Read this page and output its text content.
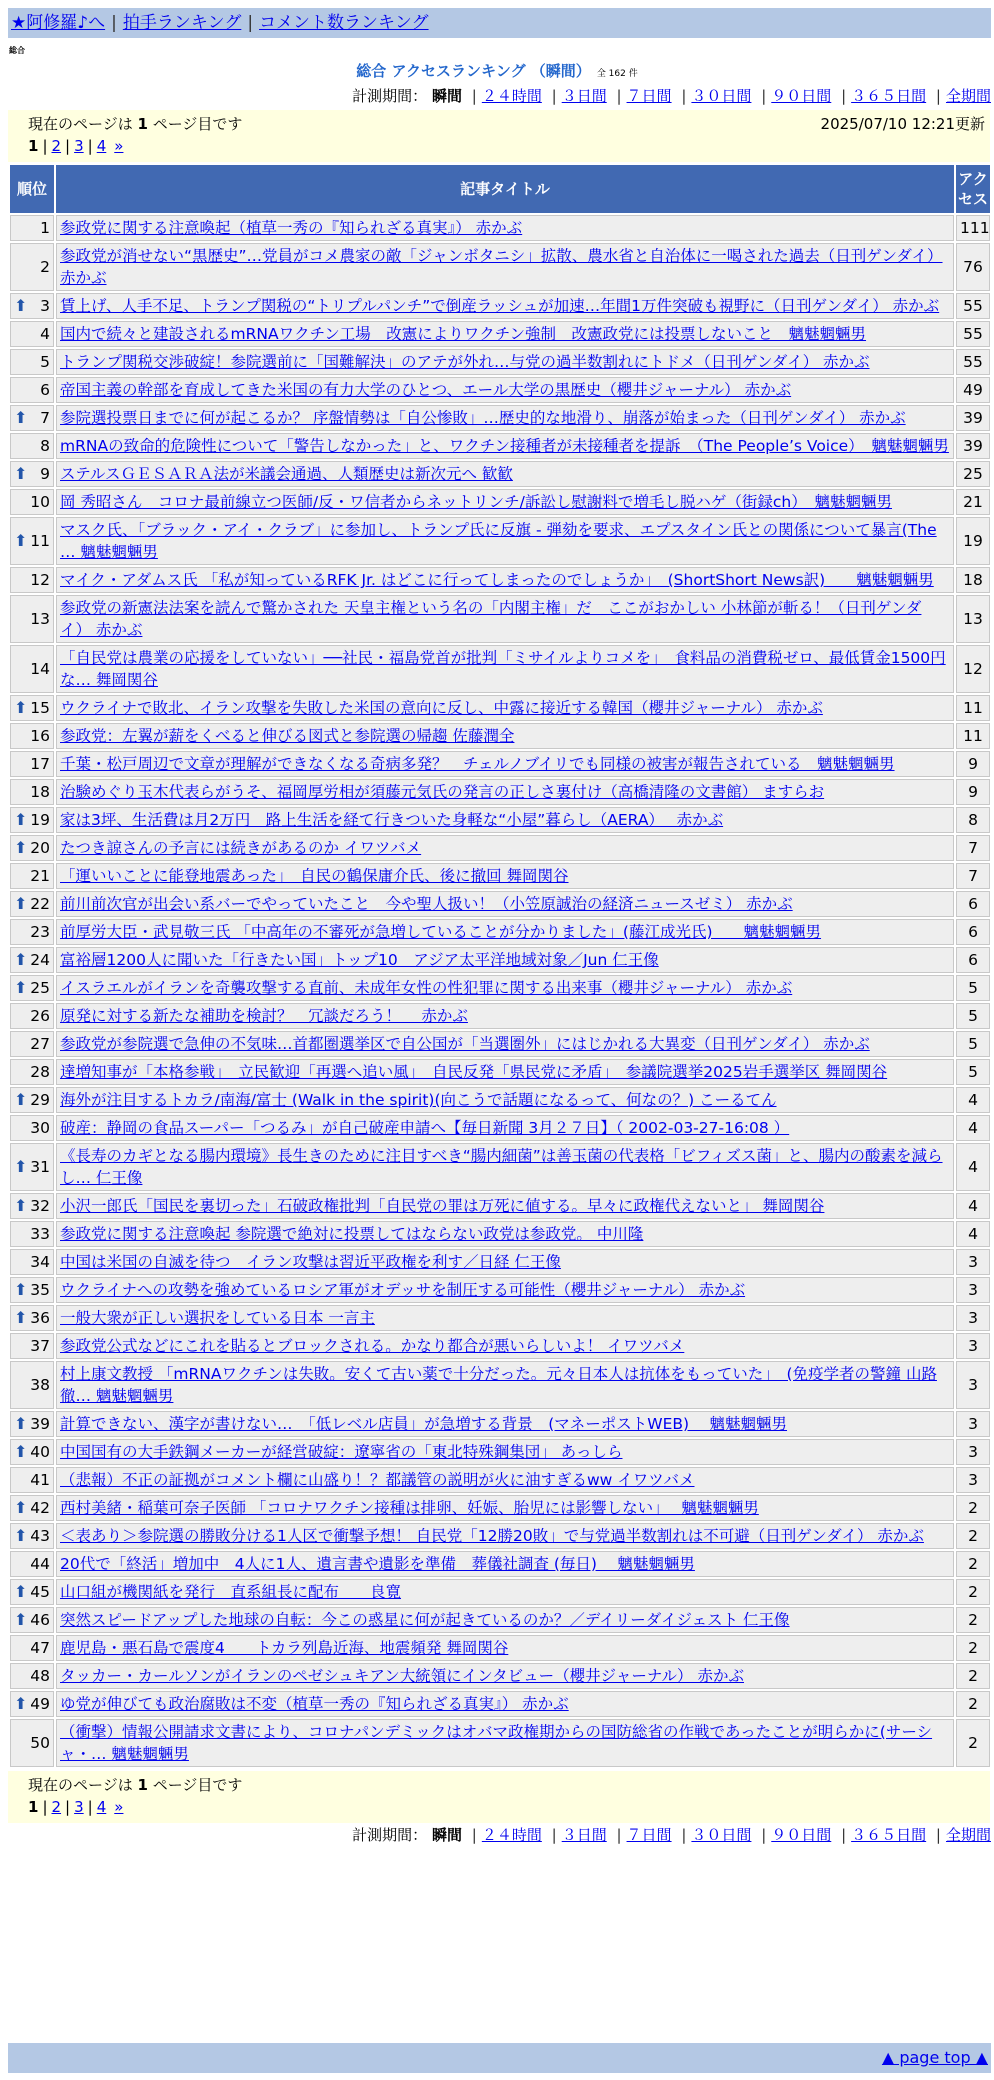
★阿修羅♪へ | 拍手ランキング | コメント数ランキング
総合
総合 アクセスランキング （瞬間） 全 162 件
計測期間： 瞬間 | ２４時間 | ３日間 | ７日間 | ３０日間 | ９０日間 | ３６５日間 | 全期間
現在のページは 1 ページ目です	2025/07/10 12:21更新
1 | 2 | 3 | 4 »
順位	記事タイトル	アクセス
1	参政党に関する注意喚起（植草一秀の『知られざる真実』） 赤かぶ	111
2	参政党が消せない“黒歴史”…党員がコメ農家の敵「ジャンボタニシ」拡散、農水省と自治体に一喝された過去（日刊ゲンダイ） 赤かぶ	76

⬆ 3	賃上げ、人手不足、トランプ関税の“トリプルパンチ”で倒産ラッシュが加速…年間1万件突破も視野に（日刊ゲンダイ） 赤かぶ	55
4	国内で続々と建設されるmRNAワクチン工場　改憲によりワクチン強制　改憲政党には投票しないこと　魑魅魍魎男	55
5	トランプ関税交渉破綻！参院選前に「国難解決」のアテが外れ…与党の過半数割れにトドメ（日刊ゲンダイ） 赤かぶ	55
6	帝国主義の幹部を育成してきた米国の有力大学のひとつ、エール大学の黒歴史（櫻井ジャーナル） 赤かぶ	49

⬆ 7	参院選投票日までに何が起こるか？ 序盤情勢は「自公惨敗」…歴史的な地滑り、崩落が始まった（日刊ゲンダイ） 赤かぶ	39
8	mRNAの致命的危険性について「警告しなかった」と、ワクチン接種者が未接種者を提訴　（The People’s Voice）　魑魅魍魎男	39

⬆ 9	ステルスＧＥＳＡＲＡ法が米議会通過、人類歴史は新次元へ 歓歓	25
10	岡 秀昭さん　コロナ最前線立つ医師/反・ワ信者からネットリンチ/訴訟し慰謝料で増毛し脱ハゲ（街録ch）　魑魅魍魎男	21

⬆ 11	マスク氏、「ブラック・アイ・クラブ」に参加し、トランプ氏に反旗 - 弾劾を要求、エプスタイン氏との関係について暴言(The … 魑魅魍魎男	19
12	マイク・アダムス氏 「私が知っているRFK Jr. はどこに行ってしまったのでしょうか」　(ShortShort News訳)　　魑魅魍魎男	18
13	参政党の新憲法法案を読んで驚かされた 天皇主権という名の「内閣主権」だ　ここがおかしい 小林節が斬る！（日刊ゲンダイ） 赤かぶ	13
14	「自民党は農業の応援をしていない」──社民・福島党首が批判「ミサイルよりコメを」　食料品の消費税ゼロ、最低賃金1500円な… 舞岡関谷	12

⬆ 15	ウクライナで敗北、イラン攻撃を失敗した米国の意向に反し、中露に接近する韓国（櫻井ジャーナル） 赤かぶ	11
16	参政党：左翼が薪をくべると伸びる図式と参院選の帰趨 佐藤潤全	11
17	千葉・松戸周辺で文章が理解ができなくなる奇病多発？　チェルノブイリでも同様の被害が報告されている　魑魅魍魎男	9
18	治験めぐり玉木代表らがうそ、福岡厚労相が須藤元気氏の発言の正しさ裏付け（高橋清隆の文書館） ますらお	9

⬆ 19	家は3坪、生活費は月2万円　路上生活を経て行きついた身軽な“小屋”暮らし（AERA）　 赤かぶ	8

⬆ 20	たつき諒さんの予言には続きがあるのか イワツバメ	7
21	「運いいことに能登地震あった」　自民の鶴保庸介氏、後に撤回 舞岡関谷	7

⬆ 22	前川前次官が出会い系バーでやっていたこと　今や聖人扱い！（小笠原誠治の経済ニュースゼミ） 赤かぶ	6
23	前厚労大臣・武見敬三氏 「中高年の不審死が急増していることが分かりました」(藤江成光氏)　　魑魅魍魎男	6

⬆ 24	富裕層1200人に聞いた「行きたい国」トップ10　アジア太平洋地域対象／Jun 仁王像	6

⬆ 25	イスラエルがイランを奇襲攻撃する直前、未成年女性の性犯罪に関する出来事（櫻井ジャーナル） 赤かぶ	5
26	原発に対する新たな補助を検討？　冗談だろう！　 赤かぶ	5
27	参政党が参院選で急伸の不気味…首都圏選挙区で自公国が「当選圏外」にはじかれる大異変（日刊ゲンダイ） 赤かぶ	5
28	達増知事が「本格参戦」　立民歓迎「再選へ追い風」　自民反発「県民党に矛盾」　参議院選挙2025岩手選挙区 舞岡関谷	5

⬆ 29	海外が注目するトカラ/南海/富士 (Walk in the spirit)(向こうで話題になるって、何なの？) こーるてん	4
30	破産：静岡の食品スーパー「つるみ」が自己破産申請へ【毎日新聞 3月２７日】（ 2002-03-27-16:08 ）	4

⬆ 31	《長寿のカギとなる腸内環境》長生きのために注目すべき“腸内細菌”は善玉菌の代表格「ビフィズス菌」と、腸内の酸素を減らし… 仁王像	4

⬆ 32	小沢一郎氏「国民を裏切った」石破政権批判「自民党の罪は万死に値する。早々に政権代えないと」 舞岡関谷	4
33	参政党に関する注意喚起 参院選で絶対に投票してはならない政党は参政党。 中川隆	4
34	中国は米国の自滅を待つ　イラン攻撃は習近平政権を利す／日経 仁王像	3

⬆ 35	ウクライナへの攻勢を強めているロシア軍がオデッサを制圧する可能性（櫻井ジャーナル） 赤かぶ	3

⬆ 36	一般大衆が正しい選択をしている日本 一言主	3
37	参政党公式などにこれを貼るとブロックされる。かなり都合が悪いらしいよ！ イワツバメ	3
38	村上康文教授 「mRNAワクチンは失敗。安くて古い薬で十分だった。元々日本人は抗体をもっていた」　(免疫学者の警鐘 山路 徹… 魑魅魍魎男	3

⬆ 39	計算できない、漢字が書けない…　「低レベル店員」が急増する背景　(マネーポストWEB)　 魑魅魍魎男	3

⬆ 40	中国国有の大手鉄鋼メーカーが経営破綻：遼寧省の「東北特殊鋼集団」 あっしら	3
41	（悲報）不正の証拠がコメント欄に山盛り！？都議管の説明が火に油すぎるww イワツバメ	3

⬆ 42	西村美緒・稲葉可奈子医師 「コロナワクチン接種は排卵、妊娠、胎児には影響しない」　 魑魅魍魎男	2

⬆ 43	＜表あり＞参院選の勝敗分ける1人区で衝撃予想！ 自民党「12勝20敗」で与党過半数割れは不可避（日刊ゲンダイ） 赤かぶ	2
44	20代で「終活」増加中　4人に1人、遺言書や遺影を準備　葬儀社調査 (毎日)　 魑魅魍魎男	2

⬆ 45	山口組が機関紙を発行　直系組長に配布　　良寛	2

⬆ 46	突然スピードアップした地球の自転：今この惑星に何が起きているのか？／デイリーダイジェスト 仁王像	2
47	鹿児島・悪石島で震度4　　トカラ列島近海、地震頻発 舞岡関谷	2
48	タッカー・カールソンがイランのペゼシュキアン大統領にインタビュー（櫻井ジャーナル） 赤かぶ	2

⬆ 49	ゆ党が伸びても政治腐敗は不変（植草一秀の『知られざる真実』） 赤かぶ	2
50	（衝撃）情報公開請求文書により、コロナパンデミックはオバマ政権期からの国防総省の作戦であったことが明らかに(サーシャ・… 魑魅魍魎男	2
現在のページは 1 ページ目です
1 | 2 | 3 | 4 »
計測期間： 瞬間 | ２４時間 | ３日間 | ７日間 | ３０日間 | ９０日間 | ３６５日間 | 全期間
▲ page top ▲
